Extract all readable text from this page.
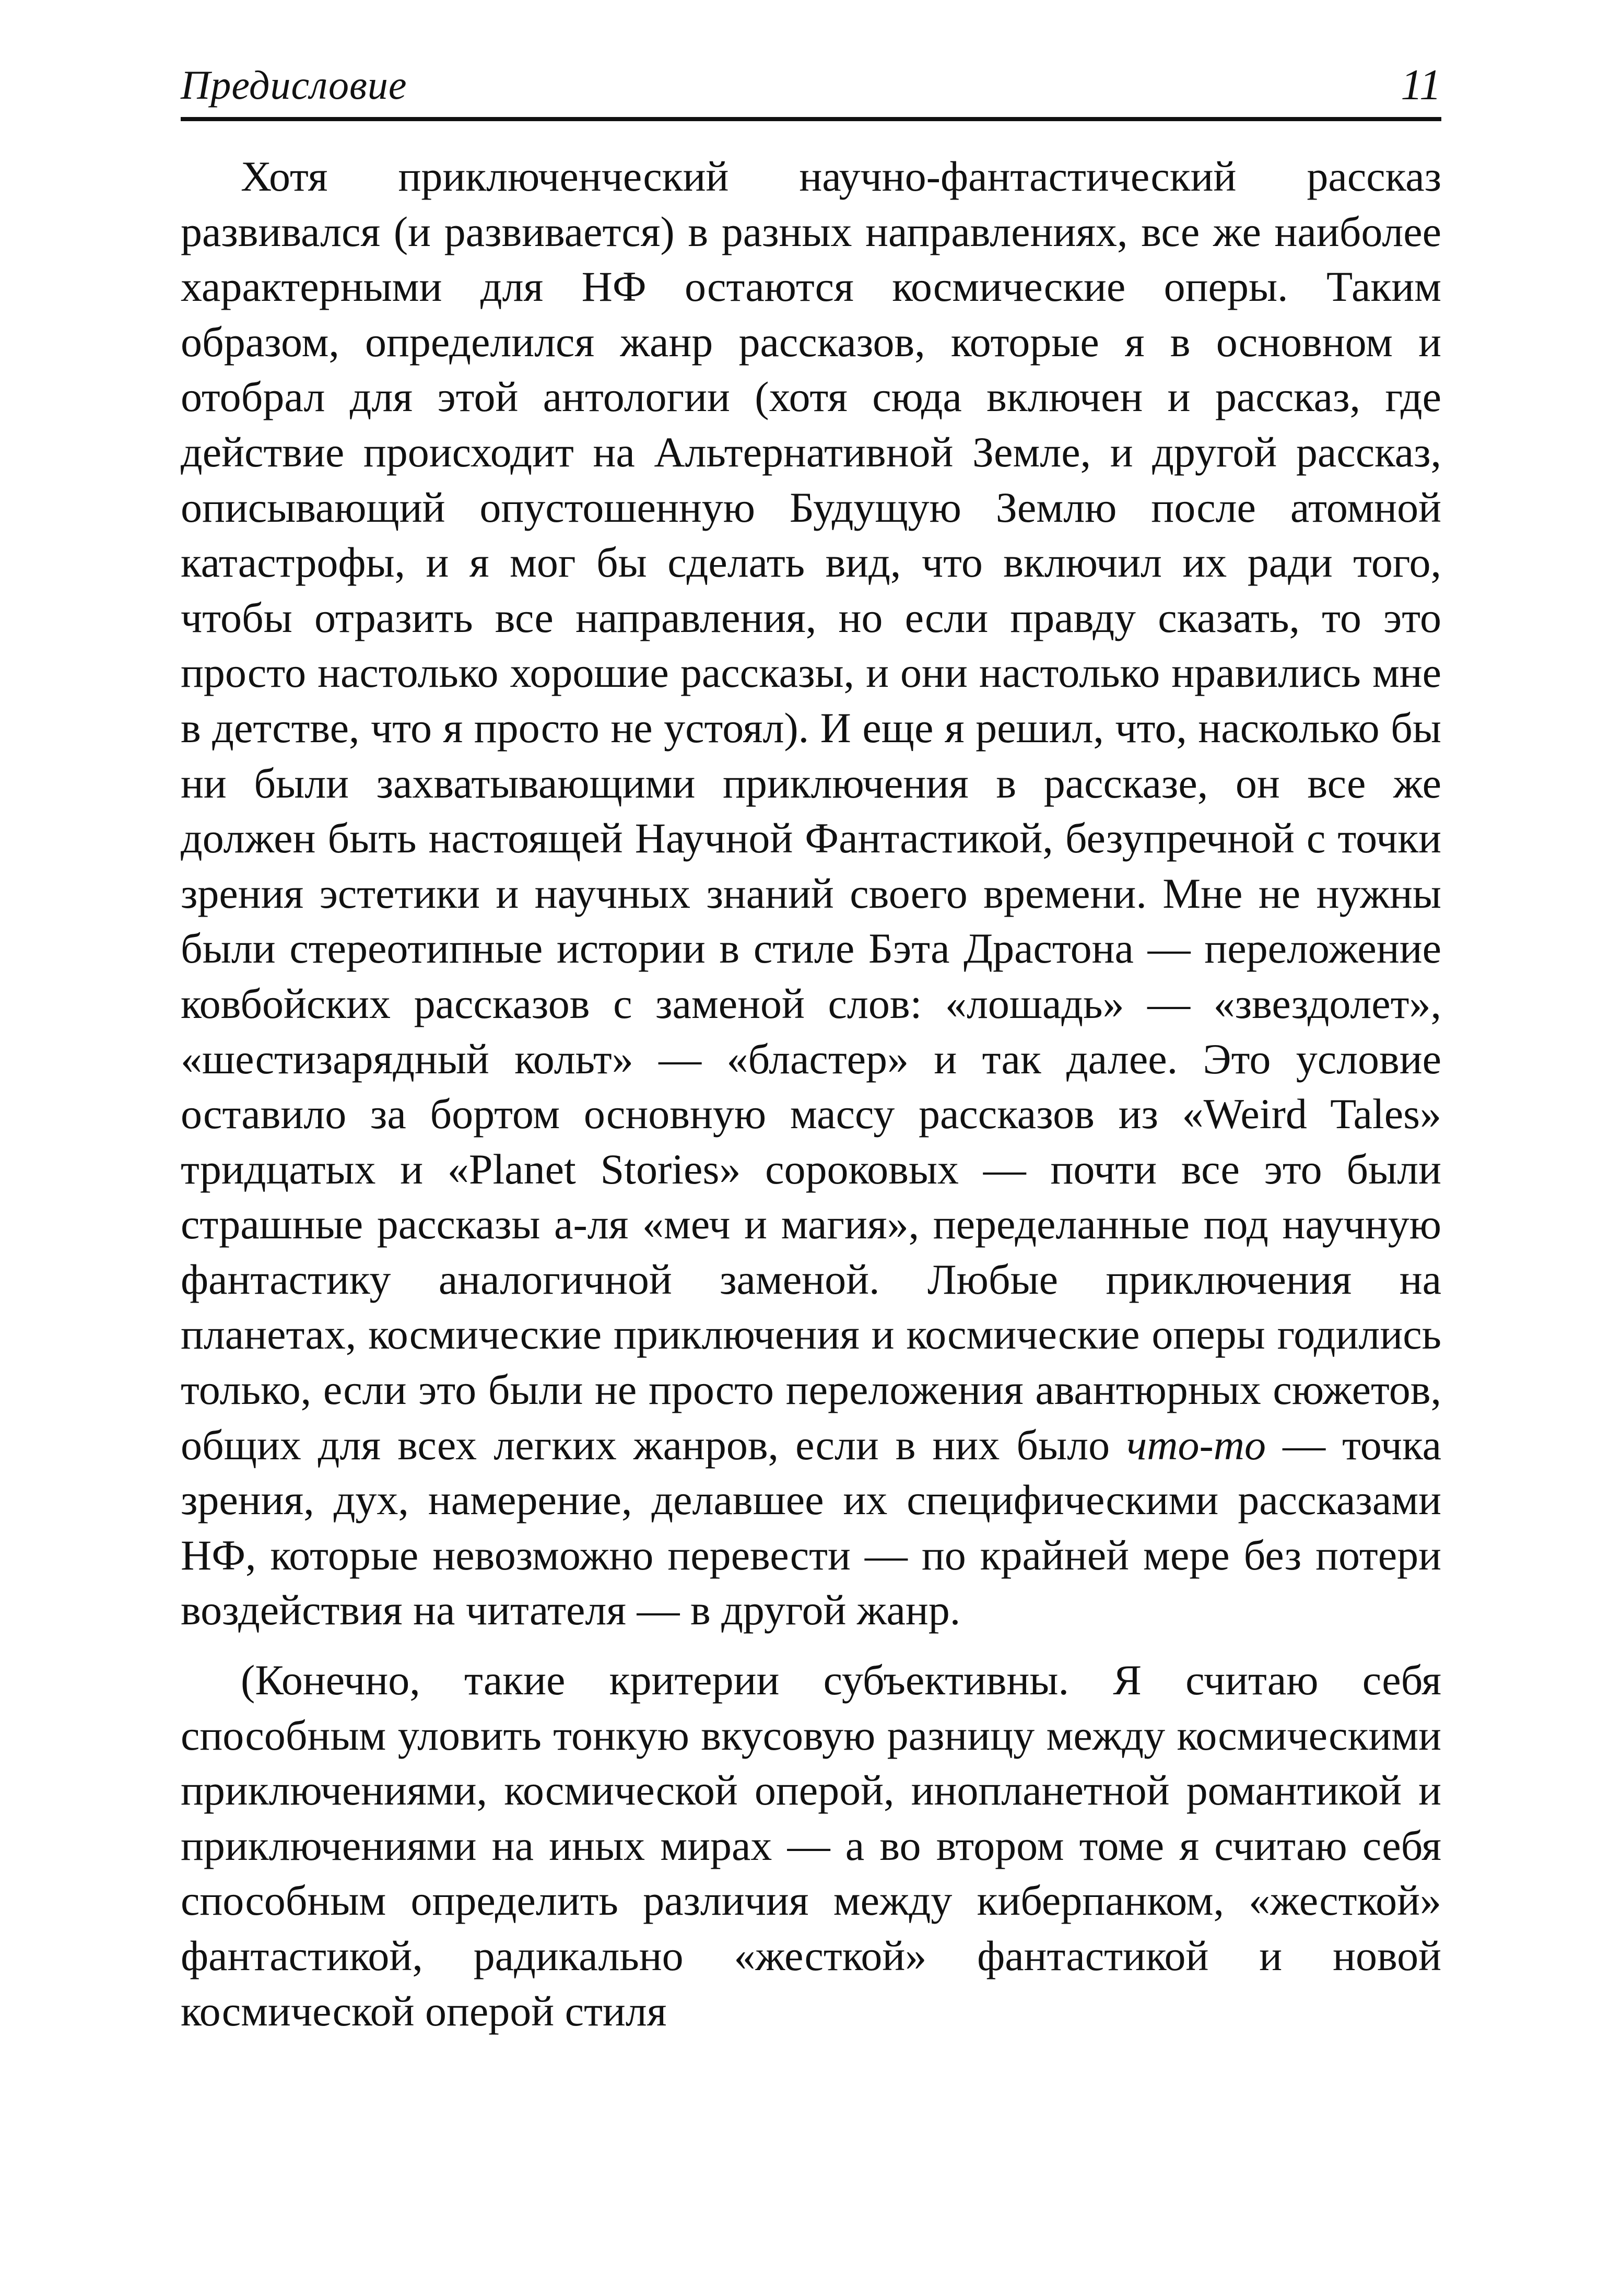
Предисловие	11

Хотя приключенческий научно-фантастический рассказ развивался (и развивается) в разных направлениях, все же наиболее характерными для НФ остаются космические оперы. Таким образом, определился жанр рассказов, которые я в основном и отобрал для этой антологии (хотя сюда включен и рассказ, где действие происходит на Альтернативной Земле, и другой рассказ, описывающий опустошенную Будущую Землю после атомной катастрофы, и я мог бы сделать вид, что включил их ради того, чтобы отразить все направления, но если правду сказать, то это просто настолько хорошие рассказы, и они настолько нравились мне в детстве, что я просто не устоял). И еще я решил, что, насколько бы ни были захватывающими приключения в рассказе, он все же должен быть настоящей Научной Фантастикой, безупречной с точки зрения эстетики и научных знаний своего времени. Мне не нужны были стереотипные истории в стиле Бэта Драстона — переложение ковбойских рассказов с заменой слов: «лошадь» — «звездолет», «шестизарядный кольт» — «бластер» и так далее. Это условие оставило за бортом основную массу рассказов из «Weird Tales» тридцатых и «Planet Stories» сороковых — почти все это были страшные рассказы а-ля «меч и магия», переделанные под научную фантастику аналогичной заменой. Любые приключения на планетах, космические приключения и космические оперы годились только, если это были не просто переложения авантюрных сюжетов, общих для всех легких жанров, если в них было что-то — точка зрения, дух, намерение, делавшее их специфическими рассказами НФ, которые невозможно перевести — по крайней мере без потери воздействия на читателя — в другой жанр.

(Конечно, такие критерии субъективны. Я считаю себя способным уловить тонкую вкусовую разницу между космическими приключениями, космической оперой, инопланетной романтикой и приключениями на иных мирах — а во втором томе я считаю себя способным определить различия между киберпанком, «жесткой» фантастикой, радикально «жесткой» фантастикой и новой космической оперой стиля
